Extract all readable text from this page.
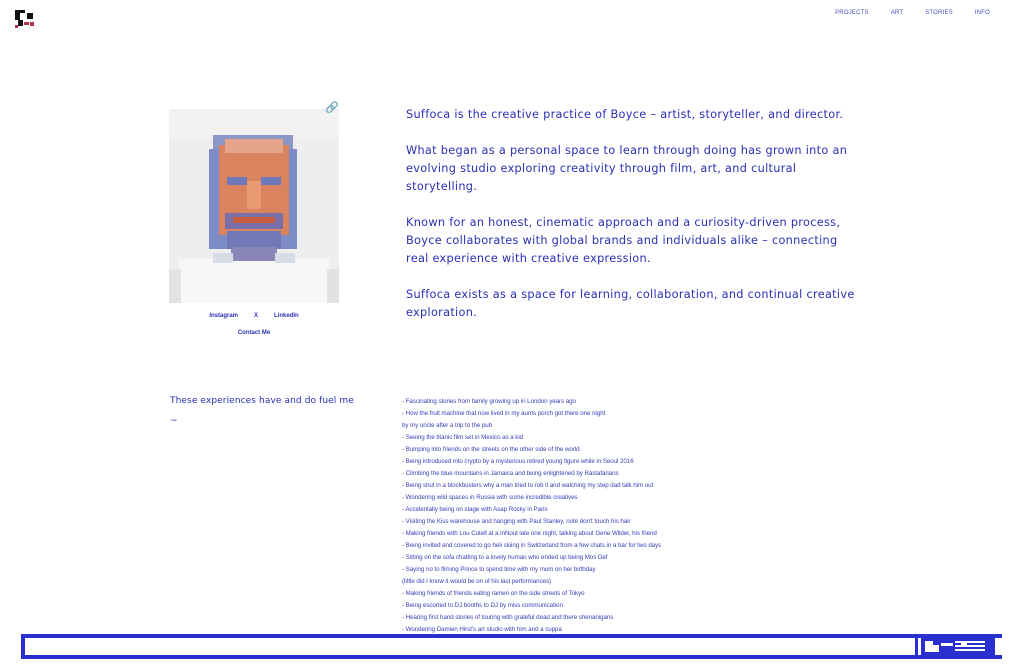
PROJECTS	ART	STORIES	INFO
🔗
Instagram	X	LinkedIn
Contact Me

Suffoca is the creative practice of Boyce – artist, storyteller, and director.

What began as a personal space to learn through doing has grown into an evolving studio exploring creativity through film, art, and cultural storytelling.

Known for an honest, cinematic approach and a curiosity-driven process, Boyce collaborates with global brands and individuals alike – connecting real experience with creative expression.

Suffoca exists as a space for learning, collaboration, and continual creative exploration.

These experiences have and do fuel me
~
- Fascinating stories from family growing up in London years ago
- How the fruit machine that now lived in my aunts porch got there one night
by my uncle after a trip to the pub
- Seeing the titanic film set in Mexico as a kid
- Bumping into friends on the streets on the other side of the world
- Being introduced into crypto by a mysterious retired young figure while in Seoul 2016
- Climbing the blue mountains in Jamaica and being enlightened by Rastafarians
- Being shut in a blockbusters why a man tried to rob it and watching my step dad talk him out
- Wondering wild spaces in Russia with some incredible creatives
- Accidentally being on stage with Asap Rocky in Paris
- Visiting the Kiss warehouse and hanging with Paul Stanley, note don't touch his hair
- Making friends with Lou Cutell at a inNout late one night, talking about Gene Wilder, his friend
- Being invited and covered to go heli skiing in Switzerland from a few chats in a bar for two days
- Sitting on the sofa chatting to a lovely human who ended up being Mos Def
- Saying no to filming Prince to spend time with my mum on her birthday
(little did I know it would be on of his last performances)
- Making friends of friends eating ramen on the side streets of Tokyo
- Being escorted to DJ booths to DJ by miss communication
- Hearing first hand stories of touring with grateful dead and there shenanigans
- Wondering Damien Hirst's art studio with him and a cuppa
